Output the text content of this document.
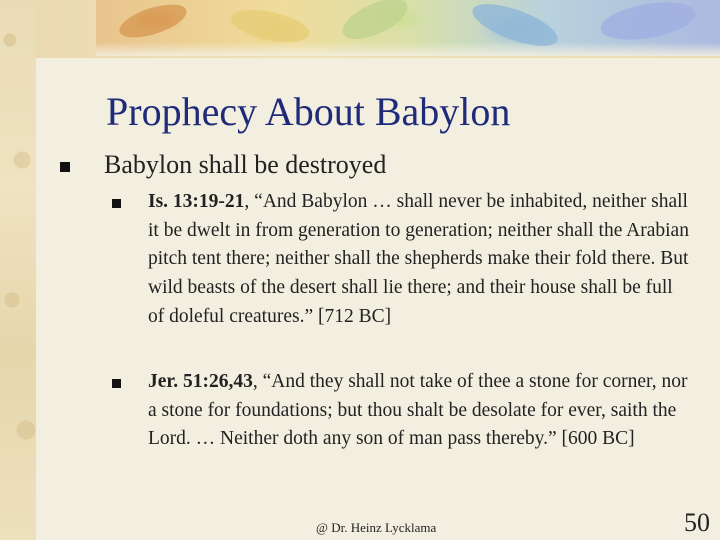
Prophecy About Babylon
Babylon shall be destroyed
Is. 13:19-21, “And Babylon … shall never be inhabited, neither shall it be dwelt in from generation to generation; neither shall the Arabian pitch tent there; neither shall the shepherds make their fold there. But wild beasts of the desert shall lie there; and their house shall be full of doleful creatures.” [712 BC]
Jer. 51:26,43, “And they shall not take of thee a stone for corner, nor a stone for foundations; but thou shalt be desolate for ever, saith the Lord. … Neither doth any son of man pass thereby.” [600 BC]
@ Dr. Heinz Lycklama	50
